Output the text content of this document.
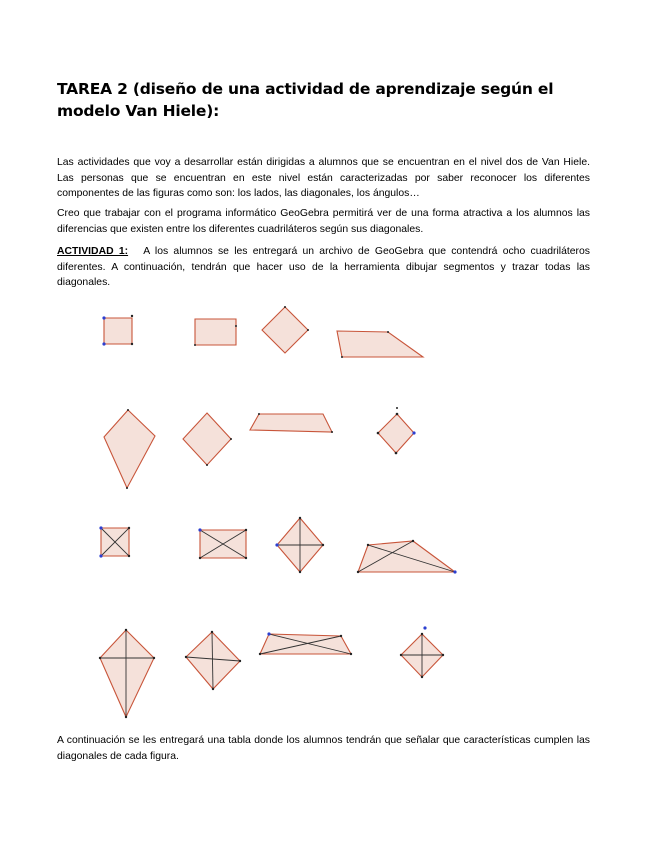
TAREA 2 (diseño de una actividad de aprendizaje según el modelo Van Hiele):

Las actividades que voy a desarrollar están dirigidas a alumnos que se encuentran en el nivel dos de Van Hiele. Las personas que se encuentran en este nivel están caracterizadas por saber reconocer los diferentes componentes de las figuras como son: los lados, las diagonales, los ángulos…

Creo que trabajar con el programa informático GeoGebra permitirá ver de una forma atractiva a los alumnos las diferencias que existen entre los diferentes cuadriláteros según sus diagonales.

ACTIVIDAD 1: A los alumnos se les entregará un archivo de GeoGebra que contendrá ocho cuadriláteros diferentes. A continuación, tendrán que hacer uso de la herramienta dibujar segmentos y trazar todas las diagonales.

A continuación se les entregará una tabla donde los alumnos tendrán que señalar que características cumplen las diagonales de cada figura.
